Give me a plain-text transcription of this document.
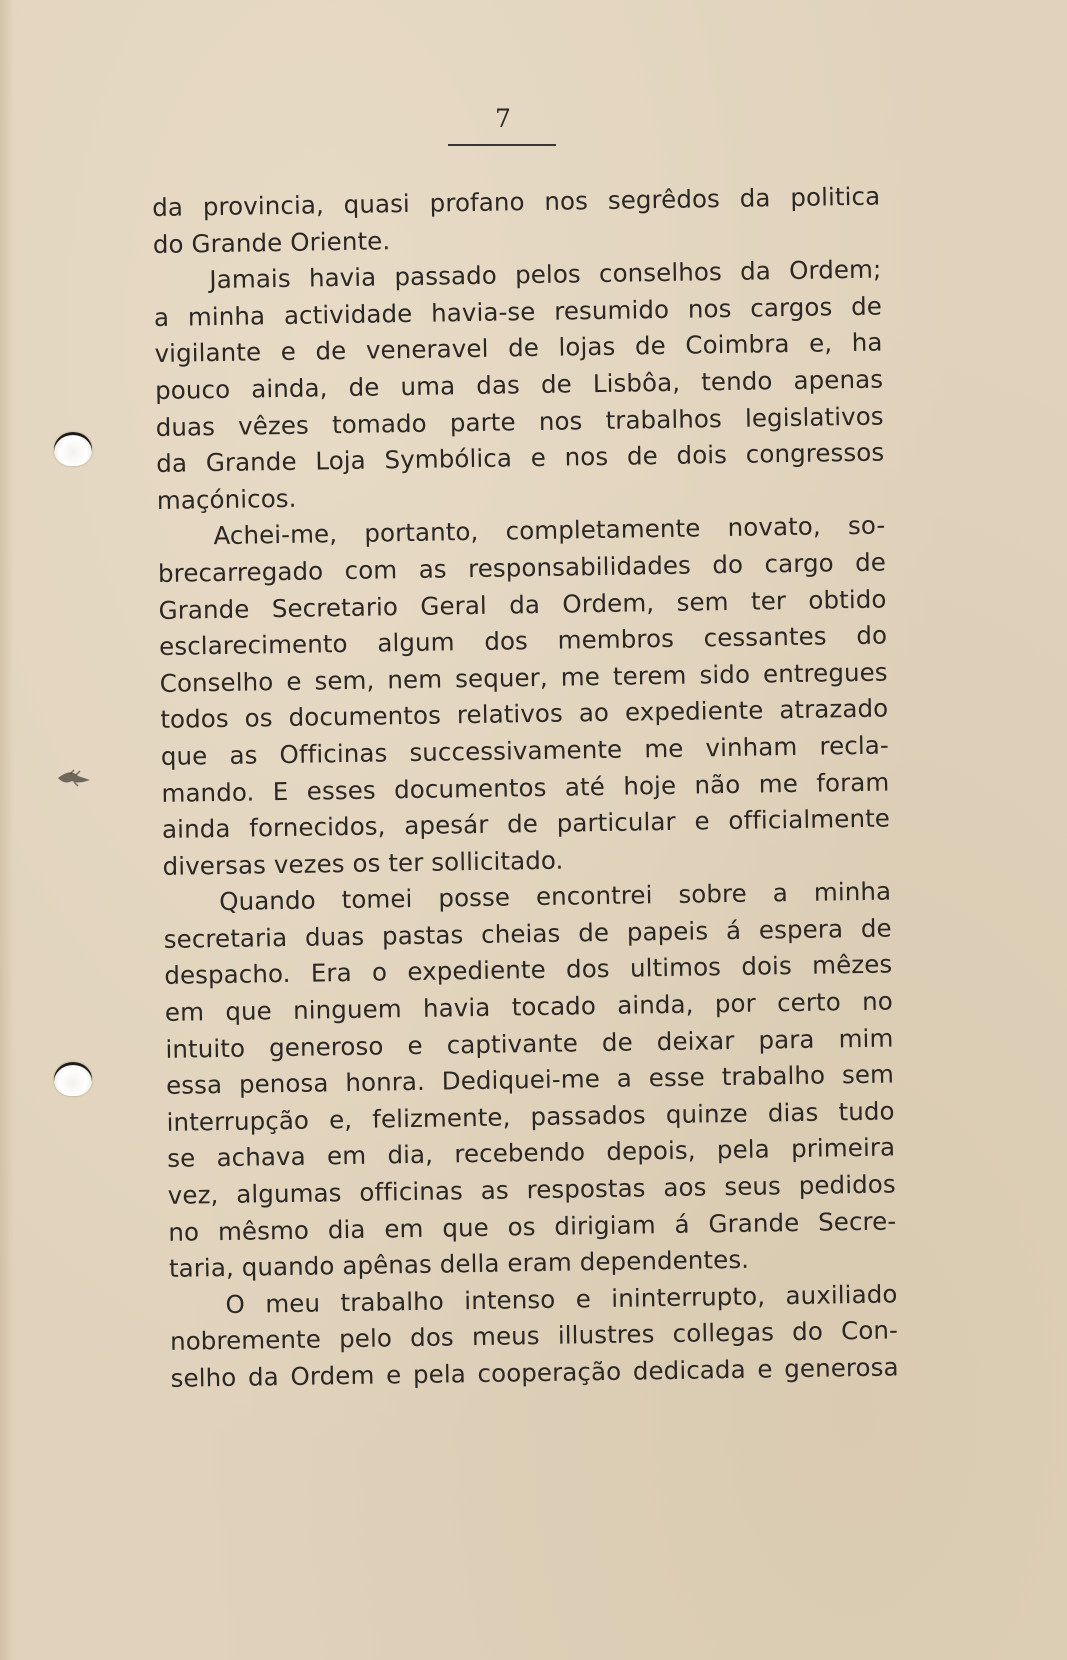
7
da provincia, quasi profano nos segrêdos da politica
do Grande Oriente.
Jamais havia passado pelos conselhos da Ordem;
a minha actividade havia-se resumido nos cargos de
vigilante e de veneravel de lojas de Coimbra e, ha
pouco ainda, de uma das de Lisbôa, tendo apenas
duas vêzes tomado parte nos trabalhos legislativos
da Grande Loja Symbólica e nos de dois congressos
maçónicos.
Achei-me, portanto, completamente novato, so-
brecarregado com as responsabilidades do cargo de
Grande Secretario Geral da Ordem, sem ter obtido
esclarecimento algum dos membros cessantes do
Conselho e sem, nem sequer, me terem sido entregues
todos os documentos relativos ao expediente atrazado
que as Officinas successivamente me vinham recla-
mando. E esses documentos até hoje não me foram
ainda fornecidos, apesár de particular e officialmente
diversas vezes os ter sollicitado.
Quando tomei posse encontrei sobre a minha
secretaria duas pastas cheias de papeis á espera de
despacho. Era o expediente dos ultimos dois mêzes
em que ninguem havia tocado ainda, por certo no
intuito generoso e captivante de deixar para mim
essa penosa honra. Dediquei-me a esse trabalho sem
interrupção e, felizmente, passados quinze dias tudo
se achava em dia, recebendo depois, pela primeira
vez, algumas officinas as respostas aos seus pedidos
no mêsmo dia em que os dirigiam á Grande Secre-
taria, quando apênas della eram dependentes.
O meu trabalho intenso e ininterrupto, auxiliado
nobremente pelo dos meus illustres collegas do Con-
selho da Ordem e pela cooperação dedicada e generosa
